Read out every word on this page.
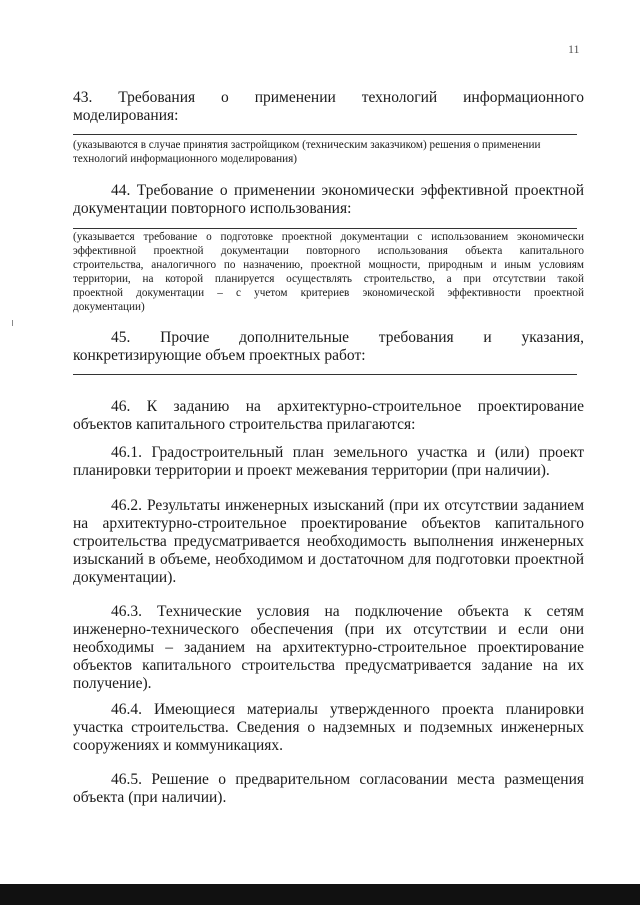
11

43. Требования о применении технологий информационного

моделирования:

(указываются в случае принятия застройщиком (техническим заказчиком) решения о применении

технологий информационного моделирования)

44. Требование о применении экономически эффективной проектной

документации повторного использования:

(указывается требование о подготовке проектной документации с использованием экономически

эффективной проектной документации повторного использования объекта капитального

строительства, аналогичного по назначению, проектной мощности, природным и иным условиям

территории, на которой планируется осуществлять строительство, а при отсутствии такой

проектной документации – с учетом критериев экономической эффективности проектной

документации)

45. Прочие дополнительные требования и указания,

конкретизирующие объем проектных работ:

46. К заданию на архитектурно-строительное проектирование

объектов капитального строительства прилагаются:

46.1. Градостроительный план земельного участка и (или) проект

планировки территории и проект межевания территории (при наличии).

46.2. Результаты инженерных изысканий (при их отсутствии заданием

на архитектурно-строительное проектирование объектов капитального

строительства предусматривается необходимость выполнения инженерных

изысканий в объеме, необходимом и достаточном для подготовки проектной

документации).

46.3. Технические условия на подключение объекта к сетям

инженерно-технического обеспечения (при их отсутствии и если они

необходимы – заданием на архитектурно-строительное проектирование

объектов капитального строительства предусматривается задание на их

получение).

46.4. Имеющиеся материалы утвержденного проекта планировки

участка строительства. Сведения о надземных и подземных инженерных

сооружениях и коммуникациях.

46.5. Решение о предварительном согласовании места размещения

объекта (при наличии).
